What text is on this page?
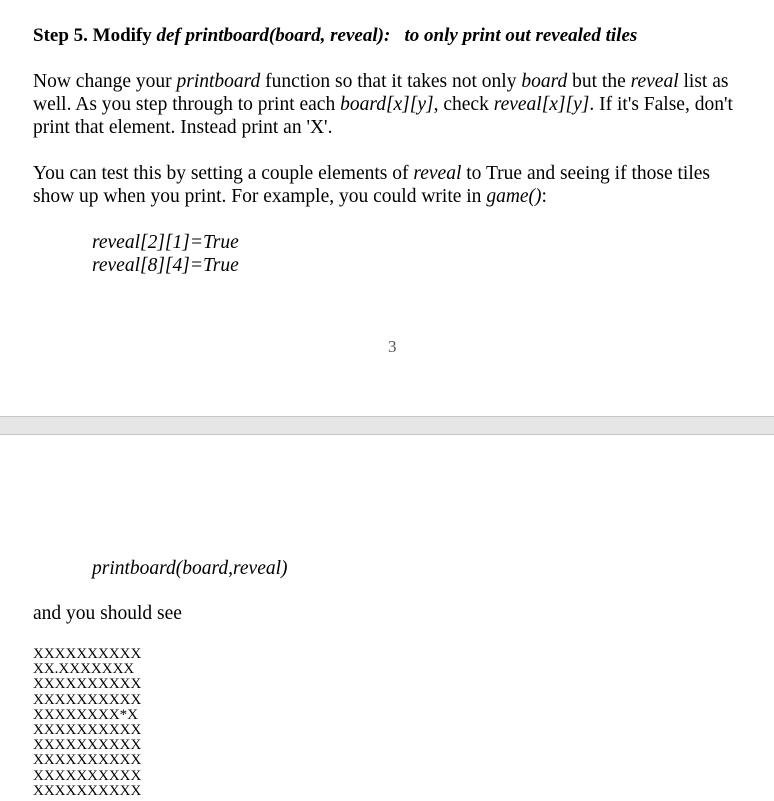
Step 5. Modify def printboard(board, reveal): to only print out revealed tiles
Now change your printboard function so that it takes not only board but the reveal list as well. As you step through to print each board[x][y], check reveal[x][y]. If it's False, don't print that element. Instead print an 'X'.
You can test this by setting a couple elements of reveal to True and seeing if those tiles show up when you print. For example, you could write in game():
reveal[2][1]=True
reveal[8][4]=True
3
printboard(board,reveal)
and you should see
XXXXXXXXXX
XX.XXXXXXX
XXXXXXXXXX
XXXXXXXXXX
XXXXXXXX*X
XXXXXXXXXX
XXXXXXXXXX
XXXXXXXXXX
XXXXXXXXXX
XXXXXXXXXX
